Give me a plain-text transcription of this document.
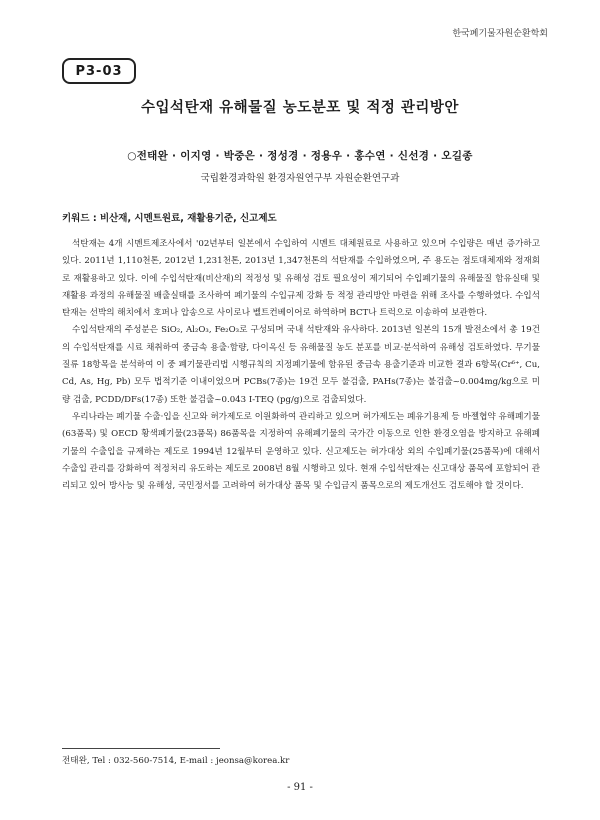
한국폐기물자원순환학회
P3-03
수입석탄재 유해물질 농도분포 및 적정 관리방안
○전태완 · 이지영 · 박중은 · 정성경 · 정용우 · 홍수연 · 신선경 · 오길종
국립환경과학원 환경자원연구부 자원순환연구과
키워드 : 비산재, 시멘트원료, 재활용기준, 신고제도

석탄재는 4개 시멘트제조사에서 '02년부터 일본에서 수입하여 시멘트 대체원료로 사용하고 있으며 수입량은 매년 증가하고 있다. 2011년 1,110천톤, 2012년 1,231천톤, 2013년 1,347천톤의 석탄재를 수입하였으며, 주 용도는 점토대체재와 정재회로 재활용하고 있다. 이에 수입석탄재(비산재)의 적정성 및 유해성 검토 필요성이 제기되어 수입폐기물의 유해물질 함유실태 및 재활용 과정의 유해물질 배출실태를 조사하여 폐기물의 수입규제 강화 등 적정 관리방안 마련을 위해 조사를 수행하였다. 수입석탄재는 선박의 해치에서 호퍼나 압송으로 사이로나 벨트컨베이어로 하역하며 BCT나 트럭으로 이송하여 보관한다.

수입석탄재의 주성분은 SiO₂, Al₂O₃, Fe₂O₃로 구성되며 국내 석탄재와 유사하다. 2013년 일본의 15개 발전소에서 총 19건의 수입석탄재를 시료 채취하여 중금속 용출·함량, 다이옥신 등 유해물질 농도 분포를 비교·분석하여 유해성 검토하였다. 무기물질류 18항목을 분석하여 이 중 폐기물관리법 시행규칙의 지정폐기물에 함유된 중금속 용출기준과 비교한 결과 6항목(Cr⁶⁺, Cu, Cd, As, Hg, Pb) 모두 법적기준 이내이었으며 PCBs(7종)는 19건 모두 불검출, PAHs(7종)는 불검출~0.004mg/kg으로 미량 검출, PCDD/DFs(17종) 또한 불검출~0.043 I-TEQ (pg/g)으로 검출되었다.

우리나라는 폐기물 수출·입을 신고와 허가제도로 이원화하여 관리하고 있으며 허가제도는 폐유기용제 등 바젤협약 유해폐기물(63품목) 및 OECD 황색폐기물(23품목) 86품목을 지정하여 유해폐기물의 국가간 이동으로 인한 환경오염을 방지하고 유해폐기물의 수출입을 규제하는 제도로 1994년 12월부터 운영하고 있다. 신고제도는 허가대상 외의 수입폐기물(25품목)에 대해서 수출입 관리를 강화하여 적정처리 유도하는 제도로 2008년 8월 시행하고 있다. 현재 수입석탄재는 신고대상 품목에 포함되어 관리되고 있어 방사능 및 유해성, 국민정서를 고려하여 허가대상 품목 및 수입금지 품목으로의 제도개선도 검토해야 할 것이다.

전태완, Tel : 032-560-7514, E-mail : jeonsa@korea.kr
- 91 -
